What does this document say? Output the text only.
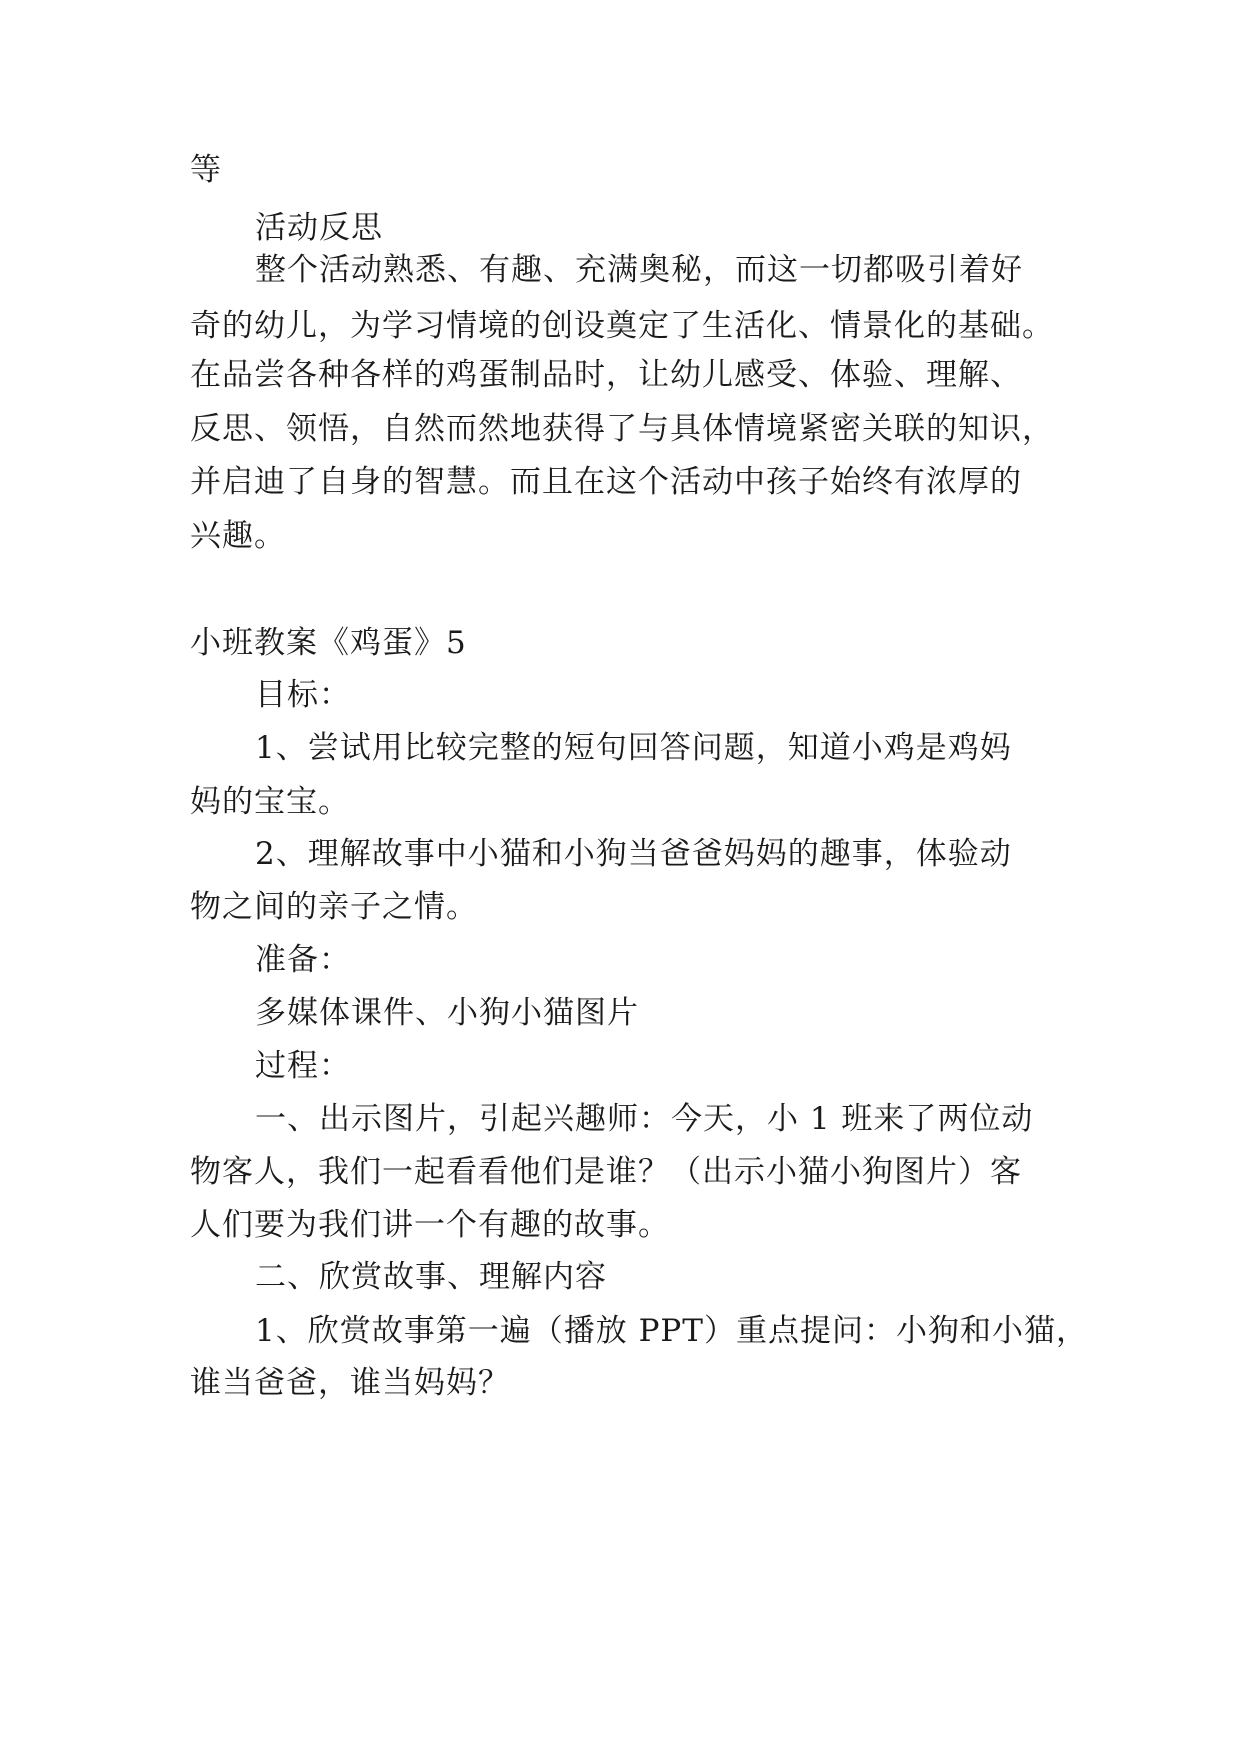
等
活动反思
整个活动熟悉、有趣、充满奥秘，而这一切都吸引着好
奇的幼儿，为学习情境的创设奠定了生活化、情景化的基础。
在品尝各种各样的鸡蛋制品时，让幼儿感受、体验、理解、
反思、领悟，自然而然地获得了与具体情境紧密关联的知识，
并启迪了自身的智慧。而且在这个活动中孩子始终有浓厚的
兴趣。
小班教案《鸡蛋》5
目标：
1、尝试用比较完整的短句回答问题，知道小鸡是鸡妈
妈的宝宝。
2、理解故事中小猫和小狗当爸爸妈妈的趣事，体验动
物之间的亲子之情。
准备：
多媒体课件、小狗小猫图片
过程：
一、出示图片，引起兴趣师：今天，小 1 班来了两位动
物客人，我们一起看看他们是谁？（出示小猫小狗图片）客
人们要为我们讲一个有趣的故事。
二、欣赏故事、理解内容
1、欣赏故事第一遍（播放 PPT）重点提问：小狗和小猫，
谁当爸爸，谁当妈妈？
